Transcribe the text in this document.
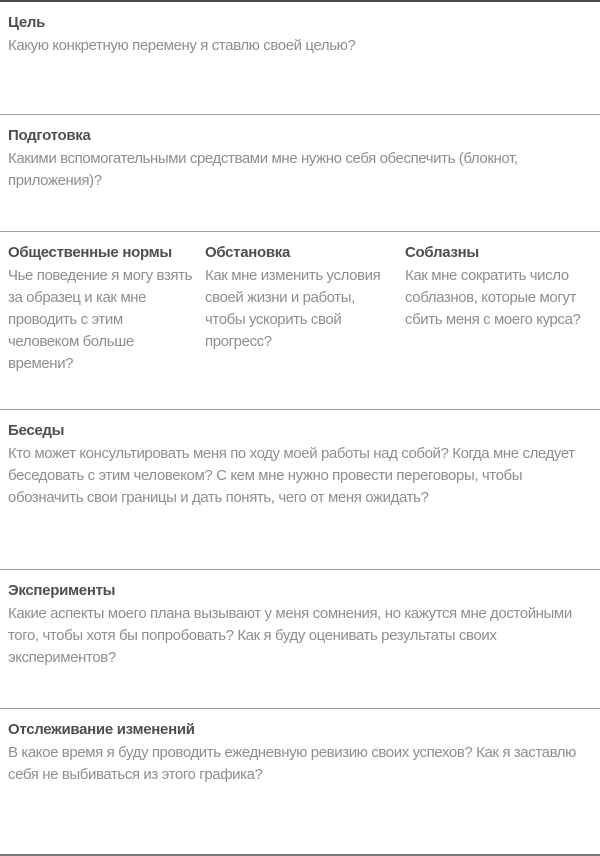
Цель

Какую конкретную перемену я ставлю своей целью?

Подготовка

Какими вспомогательными средствами мне нужно себя обеспечить (блокнот, приложения)?

Общественные нормы

Чье поведение я могу взять за образец и как мне проводить с этим человеком больше времени?

Обстановка

Как мне изменить условия своей жизни и работы, чтобы ускорить свой прогресс?

Соблазны

Как мне сократить число соблазнов, которые могут сбить меня с моего курса?

Беседы

Кто может консультировать меня по ходу моей работы над собой? Когда мне следует беседовать с этим человеком? С кем мне нужно провести переговоры, чтобы обозначить свои границы и дать понять, чего от меня ожидать?

Эксперименты

Какие аспекты моего плана вызывают у меня сомнения, но кажутся мне достойными того, чтобы хотя бы попробовать? Как я буду оценивать результаты своих экспериментов?

Отслеживание изменений

В какое время я буду проводить ежедневную ревизию своих успехов? Как я заставлю себя не выбиваться из этого графика?
